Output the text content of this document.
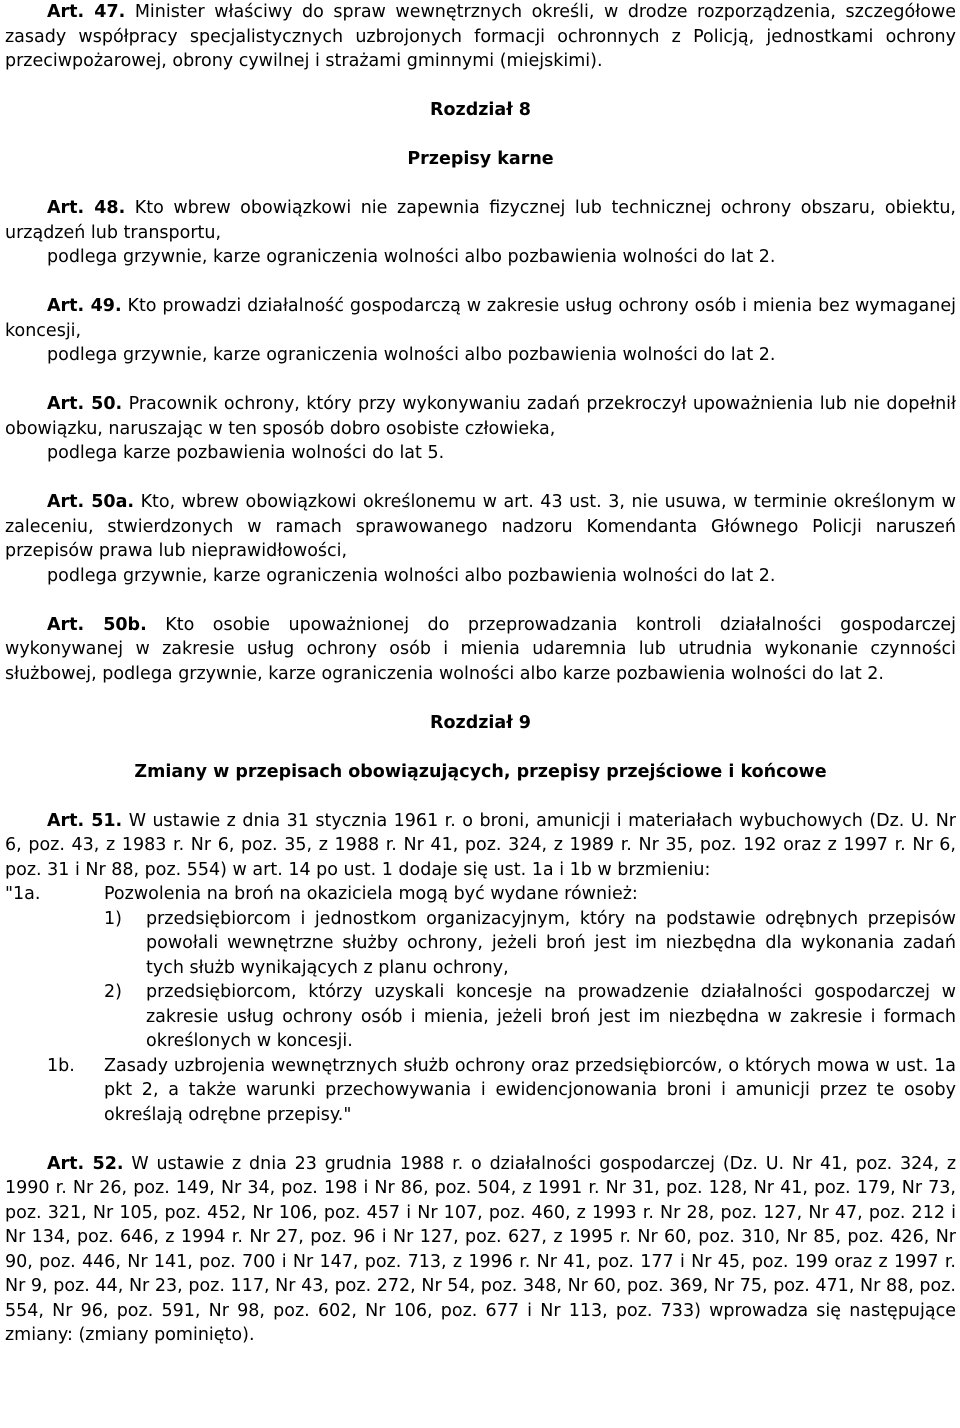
Art. 47. Minister właściwy do spraw wewnętrznych określi, w drodze rozporządzenia, szczegółowe zasady współpracy specjalistycznych uzbrojonych formacji ochronnych z Policją, jednostkami ochrony przeciwpożarowej, obrony cywilnej i strażami gminnymi (miejskimi).

Rozdział 8

Przepisy karne

Art. 48. Kto wbrew obowiązkowi nie zapewnia fizycznej lub technicznej ochrony obszaru, obiektu, urządzeń lub transportu,

podlega grzywnie, karze ograniczenia wolności albo pozbawienia wolności do lat 2.

Art. 49. Kto prowadzi działalność gospodarczą w zakresie usług ochrony osób i mienia bez wymaganej koncesji,

podlega grzywnie, karze ograniczenia wolności albo pozbawienia wolności do lat 2.

Art. 50. Pracownik ochrony, który przy wykonywaniu zadań przekroczył upoważnienia lub nie dopełnił obowiązku, naruszając w ten sposób dobro osobiste człowieka,

podlega karze pozbawienia wolności do lat 5.

Art. 50a. Kto, wbrew obowiązkowi określonemu w art. 43 ust. 3, nie usuwa, w terminie określonym w zaleceniu, stwierdzonych w ramach sprawowanego nadzoru Komendanta Głównego Policji naruszeń przepisów prawa lub nieprawidłowości,

podlega grzywnie, karze ograniczenia wolności albo pozbawienia wolności do lat 2.

Art. 50b. Kto osobie upoważnionej do przeprowadzania kontroli działalności gospodarczej wykonywanej w zakresie usług ochrony osób i mienia udaremnia lub utrudnia wykonanie czynności służbowej, podlega grzywnie, karze ograniczenia wolności albo karze pozbawienia wolności do lat 2.

Rozdział 9

Zmiany w przepisach obowiązujących, przepisy przejściowe i końcowe

Art. 51. W ustawie z dnia 31 stycznia 1961 r. o broni, amunicji i materiałach wybuchowych (Dz. U. Nr 6, poz. 43, z 1983 r. Nr 6, poz. 35, z 1988 r. Nr 41, poz. 324, z 1989 r. Nr 35, poz. 192 oraz z 1997 r. Nr 6, poz. 31 i Nr 88, poz. 554) w art. 14 po ust. 1 dodaje się ust. 1a i 1b w brzmieniu:

"1a.	Pozwolenia na broń na okaziciela mogą być wydane również:
1)	przedsiębiorcom i jednostkom organizacyjnym, który na podstawie odrębnych przepisów powołali wewnętrzne służby ochrony, jeżeli broń jest im niezbędna dla wykonania zadań tych służb wynikających z planu ochrony,
2)	przedsiębiorcom, którzy uzyskali koncesje na prowadzenie działalności gospodarczej w zakresie usług ochrony osób i mienia, jeżeli broń jest im niezbędna w zakresie i formach określonych w koncesji.
1b.	Zasady uzbrojenia wewnętrznych służb ochrony oraz przedsiębiorców, o których mowa w ust. 1a pkt 2, a także warunki przechowywania i ewidencjonowania broni i amunicji przez te osoby określają odrębne przepisy."

Art. 52. W ustawie z dnia 23 grudnia 1988 r. o działalności gospodarczej (Dz. U. Nr 41, poz. 324, z 1990 r. Nr 26, poz. 149, Nr 34, poz. 198 i Nr 86, poz. 504, z 1991 r. Nr 31, poz. 128, Nr 41, poz. 179, Nr 73, poz. 321, Nr 105, poz. 452, Nr 106, poz. 457 i Nr 107, poz. 460, z 1993 r. Nr 28, poz. 127, Nr 47, poz. 212 i Nr 134, poz. 646, z 1994 r. Nr 27, poz. 96 i Nr 127, poz. 627, z 1995 r. Nr 60, poz. 310, Nr 85, poz. 426, Nr 90, poz. 446, Nr 141, poz. 700 i Nr 147, poz. 713, z 1996 r. Nr 41, poz. 177 i Nr 45, poz. 199 oraz z 1997 r. Nr 9, poz. 44, Nr 23, poz. 117, Nr 43, poz. 272, Nr 54, poz. 348, Nr 60, poz. 369, Nr 75, poz. 471, Nr 88, poz. 554, Nr 96, poz. 591, Nr 98, poz. 602, Nr 106, poz. 677 i Nr 113, poz. 733) wprowadza się następujące zmiany: (zmiany pominięto).
